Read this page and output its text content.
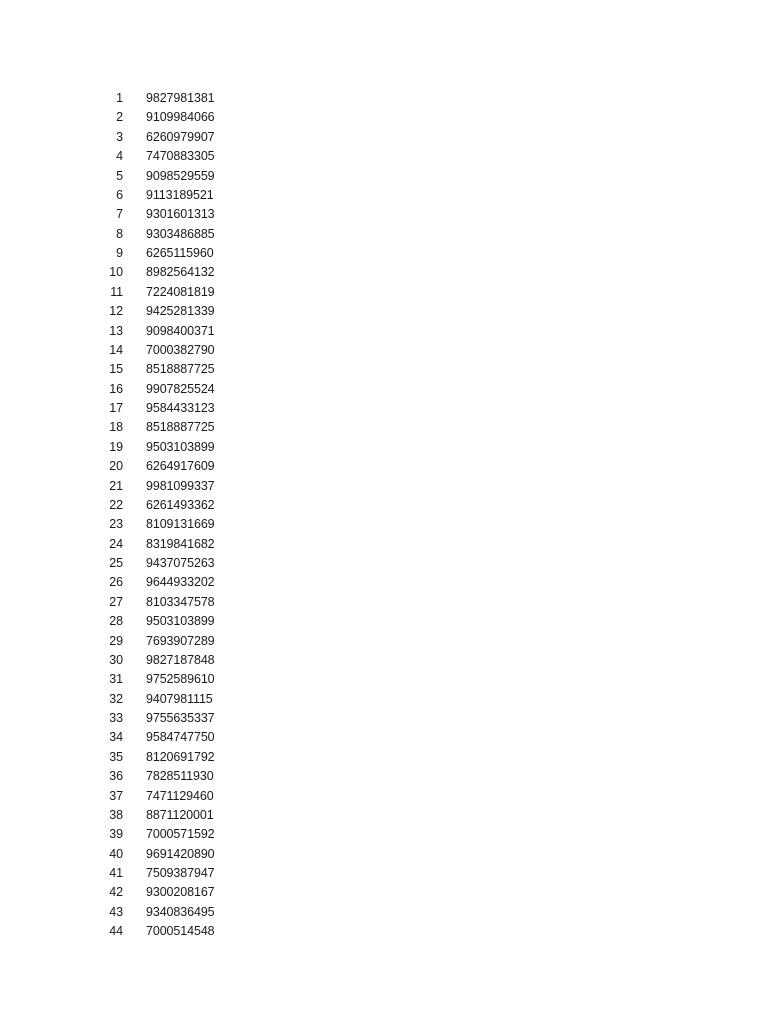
1		9827981381
2		9109984066
3		6260979907
4		7470883305
5		9098529559
6		9113189521
7		9301601313
8		9303486885
9		6265115960
10		8982564132
11		7224081819
12		9425281339
13		9098400371
14		7000382790
15		8518887725
16		9907825524
17		9584433123
18		8518887725
19		9503103899
20		6264917609
21		9981099337
22		6261493362
23		8109131669
24		8319841682
25		9437075263
26		9644933202
27		8103347578
28		9503103899
29		7693907289
30		9827187848
31		9752589610
32		9407981115
33		9755635337
34		9584747750
35		8120691792
36		7828511930
37		7471129460
38		8871120001
39		7000571592
40		9691420890
41		7509387947
42		9300208167
43		9340836495
44		7000514548
